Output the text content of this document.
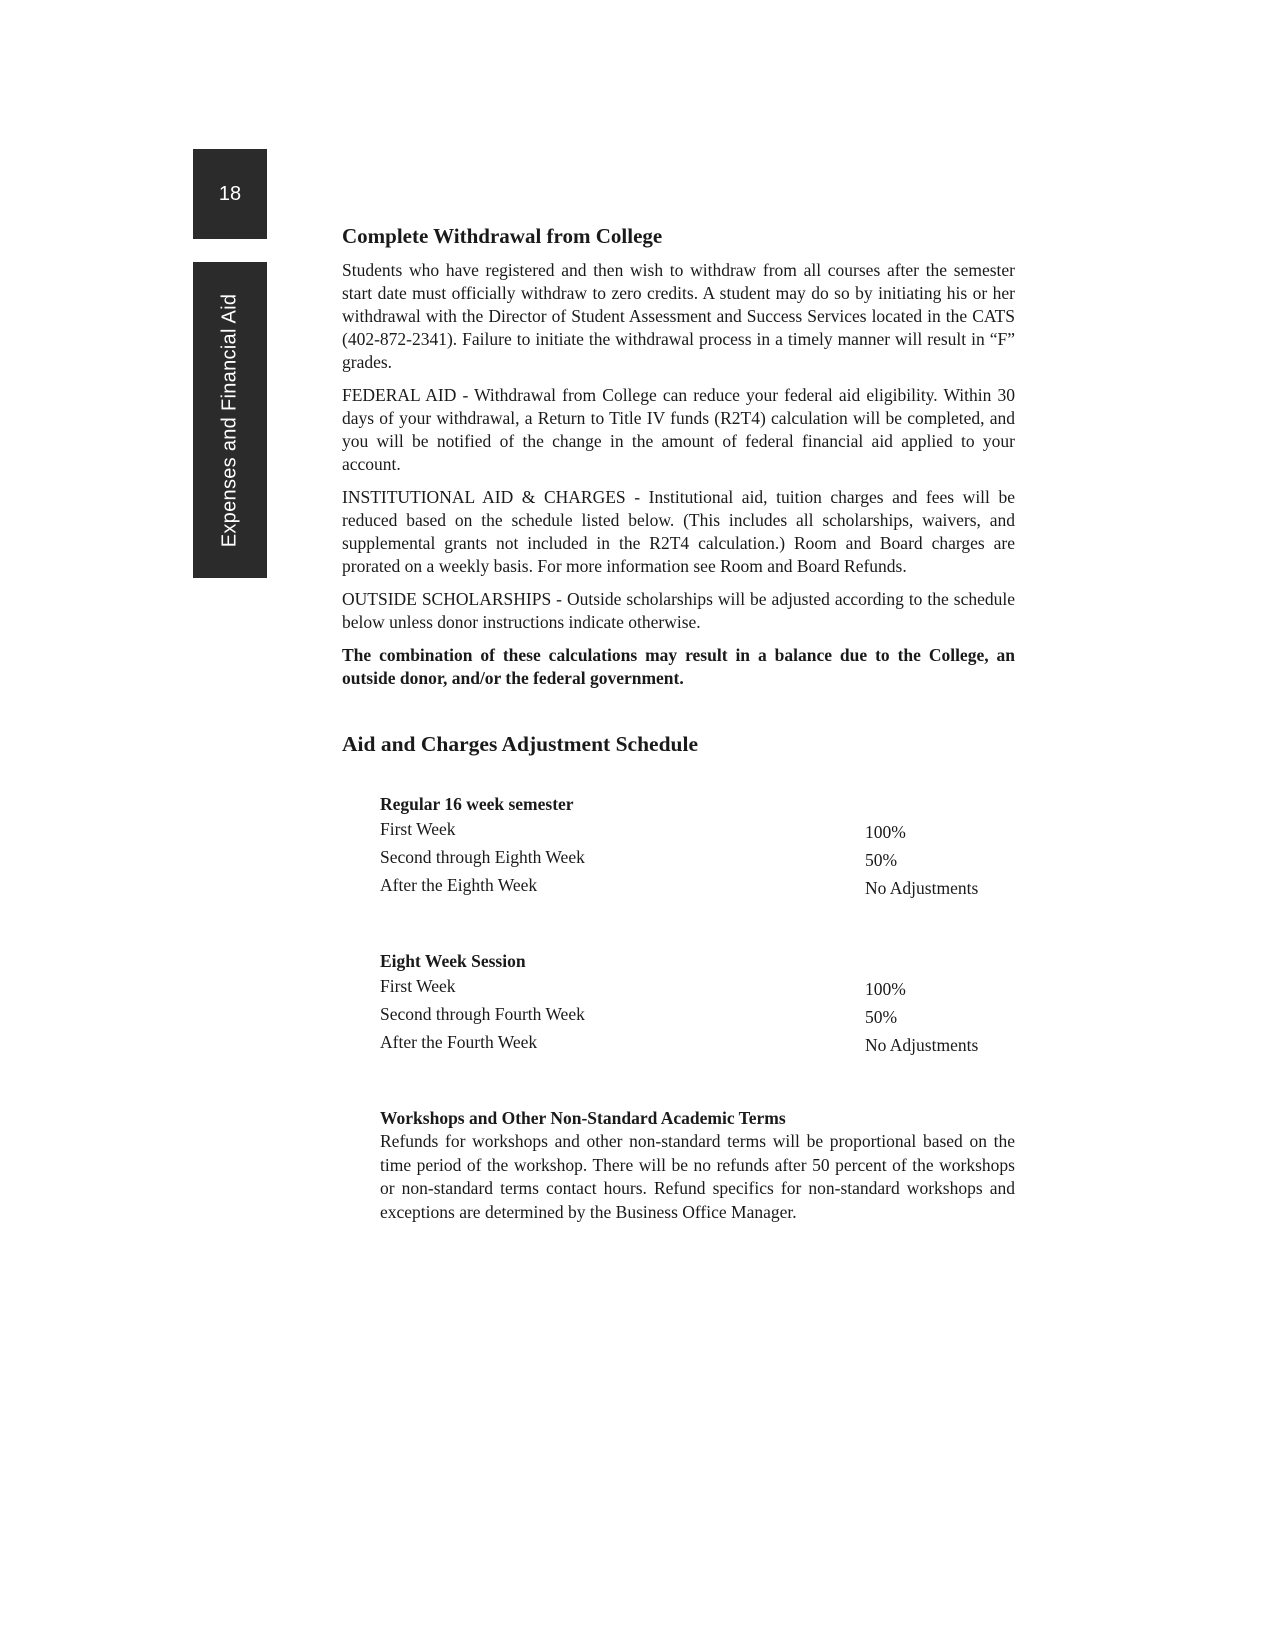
18
Expenses and Financial Aid
Complete Withdrawal from College

Students who have registered and then wish to withdraw from all courses after the semester start date must officially withdraw to zero credits. A student may do so by initiating his or her withdrawal with the Director of Student Assessment and Success Services located in the CATS (402-872-2341). Failure to initiate the withdrawal process in a timely manner will result in “F” grades.

FEDERAL AID - Withdrawal from College can reduce your federal aid eligibility. Within 30 days of your withdrawal, a Return to Title IV funds (R2T4) calculation will be completed, and you will be notified of the change in the amount of federal financial aid applied to your account.

INSTITUTIONAL AID & CHARGES - Institutional aid, tuition charges and fees will be reduced based on the schedule listed below. (This includes all scholarships, waivers, and supplemental grants not included in the R2T4 calculation.) Room and Board charges are prorated on a weekly basis. For more information see Room and Board Refunds.

OUTSIDE SCHOLARSHIPS - Outside scholarships will be adjusted according to the schedule below unless donor instructions indicate otherwise.

The combination of these calculations may result in a balance due to the College, an outside donor, and/or the federal government.

Aid and Charges Adjustment Schedule
Regular 16 week semester
First Week	100%
Second through Eighth Week	50%
After the Eighth Week	No Adjustments
Eight Week Session
First Week	100%
Second through Fourth Week	50%
After the Fourth Week	No Adjustments
Workshops and Other Non-Standard Academic Terms

Refunds for workshops and other non-standard terms will be proportional based on the time period of the workshop. There will be no refunds after 50 percent of the workshops or non-standard terms contact hours. Refund specifics for non-standard workshops and exceptions are determined by the Business Office Manager.
